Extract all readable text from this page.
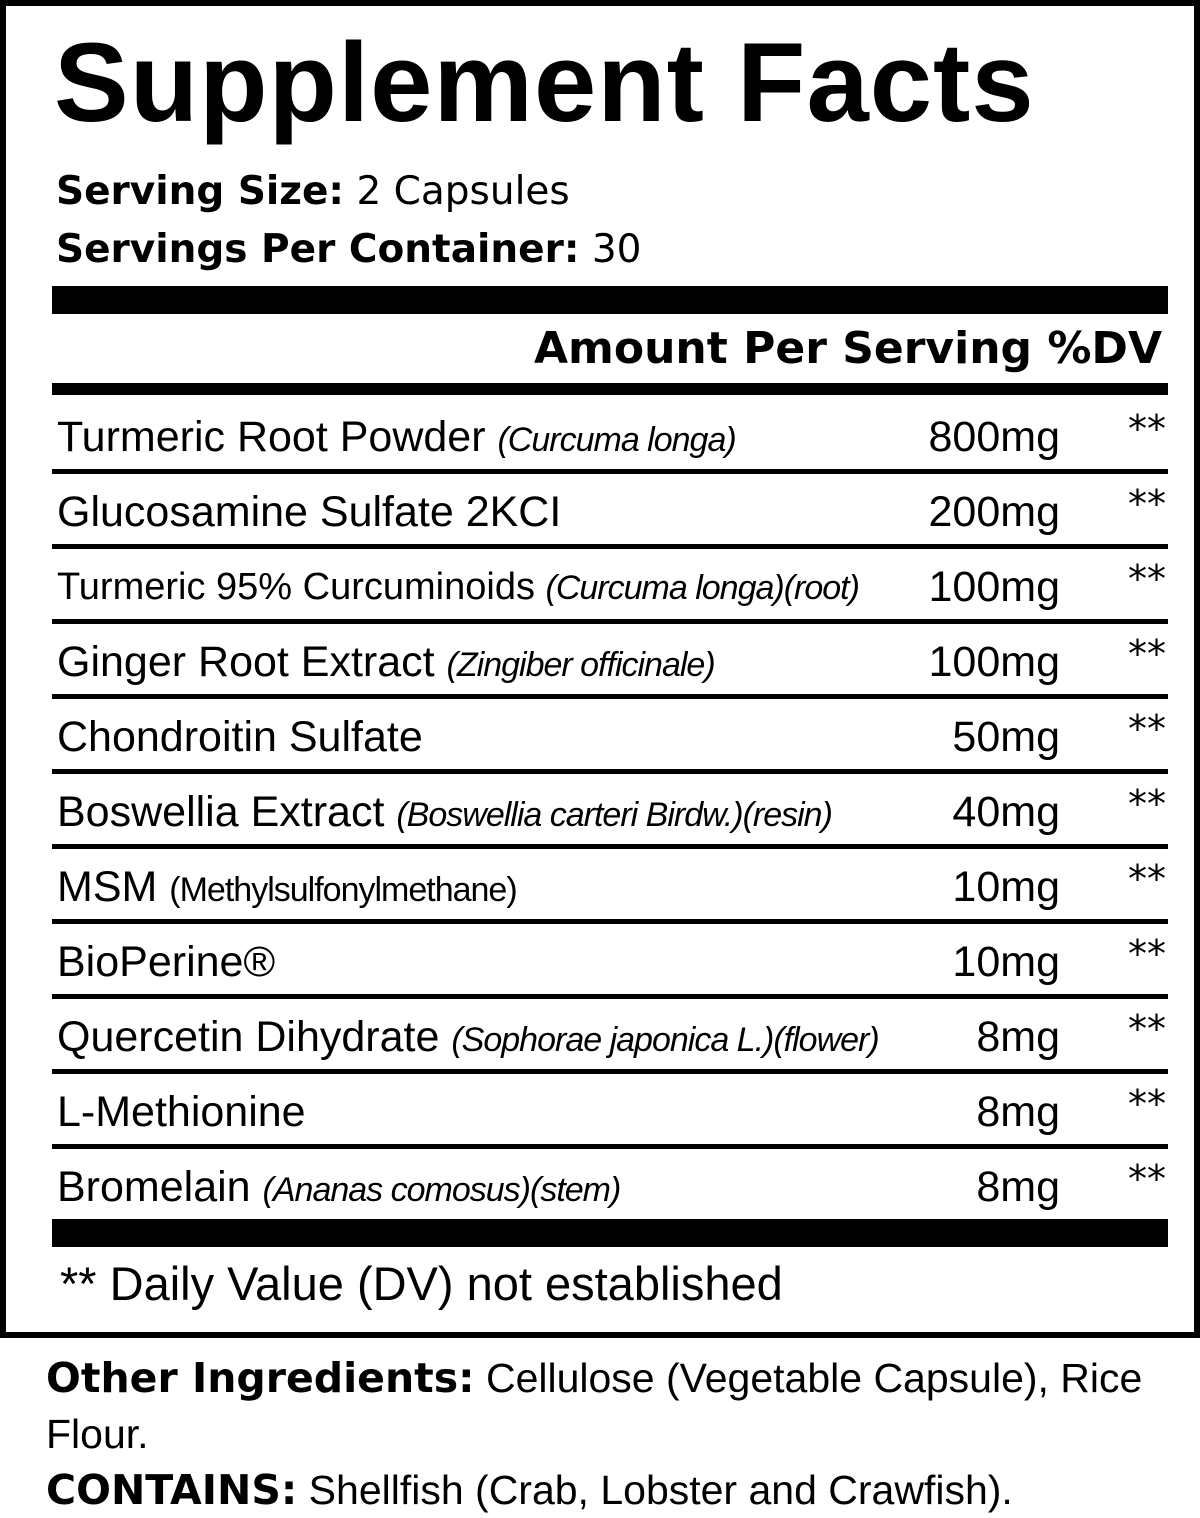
Supplement Facts
Serving Size: 2 Capsules
Servings Per Container: 30
Amount Per Serving %DV
Turmeric Root Powder (Curcuma longa)	800mg **
Glucosamine Sulfate 2KCI	200mg **
Turmeric 95% Curcuminoids (Curcuma longa)(root) 100mg **
Ginger Root Extract (Zingiber officinale)	100mg **
Chondroitin Sulfate	50mg **
Boswellia Extract (Boswellia carteri Birdw.)(resin)	40mg **
MSM (Methylsulfonylmethane)	10mg **
BioPerine®	10mg **
Quercetin Dihydrate (Sophorae japonica L.)(flower) 8mg **
L-Methionine	8mg **
Bromelain (Ananas comosus)(stem)	8mg **
** Daily Value (DV) not established
Other Ingredients: Cellulose (Vegetable Capsule), Rice Flour.
CONTAINS: Shellfish (Crab, Lobster and Crawfish).
